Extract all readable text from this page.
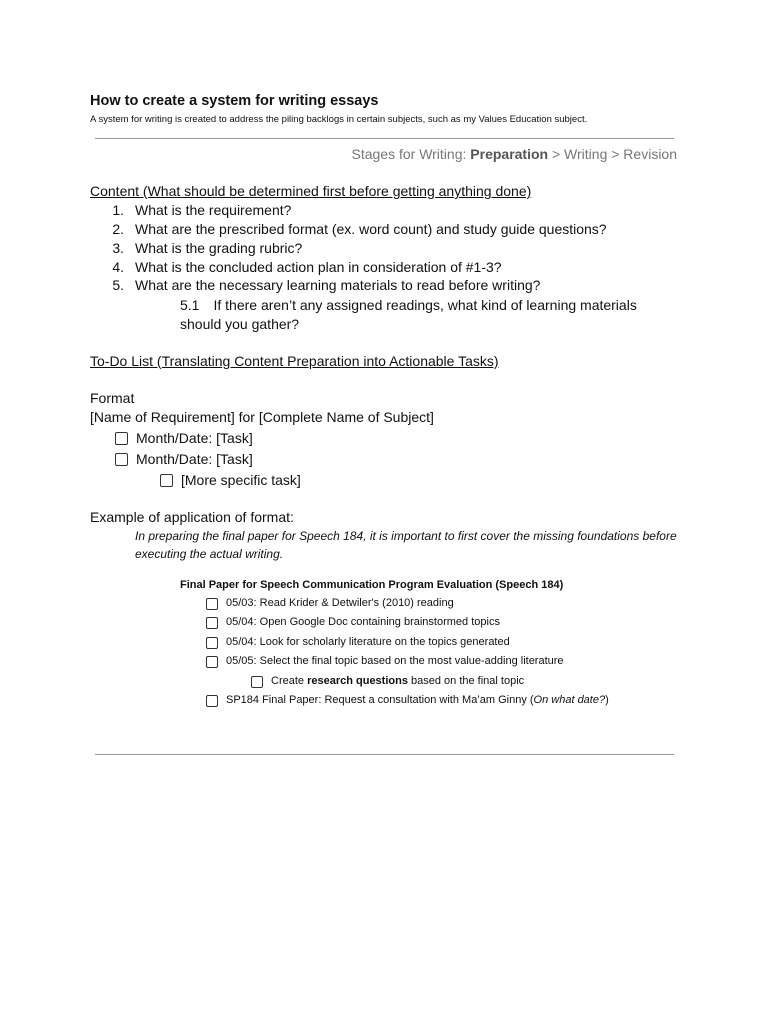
How to create a system for writing essays
A system for writing is created to address the piling backlogs in certain subjects, such as my Values Education subject.
Stages for Writing: Preparation > Writing > Revision
Content (What should be determined first before getting anything done)
1. What is the requirement?
2. What are the prescribed format (ex. word count) and study guide questions?
3. What is the grading rubric?
4. What is the concluded action plan in consideration of #1-3?
5. What are the necessary learning materials to read before writing?
5.1 If there aren’t any assigned readings, what kind of learning materials should you gather?
To-Do List (Translating Content Preparation into Actionable Tasks)
Format
[Name of Requirement] for [Complete Name of Subject]
Month/Date: [Task]
Month/Date: [Task]
[More specific task]
Example of application of format:
In preparing the final paper for Speech 184, it is important to first cover the missing foundations before executing the actual writing.
Final Paper for Speech Communication Program Evaluation (Speech 184)
05/03: Read Krider & Detwiler's (2010) reading
05/04: Open Google Doc containing brainstormed topics
05/04: Look for scholarly literature on the topics generated
05/05: Select the final topic based on the most value-adding literature
Create research questions based on the final topic
SP184 Final Paper: Request a consultation with Ma’am Ginny (On what date?)
